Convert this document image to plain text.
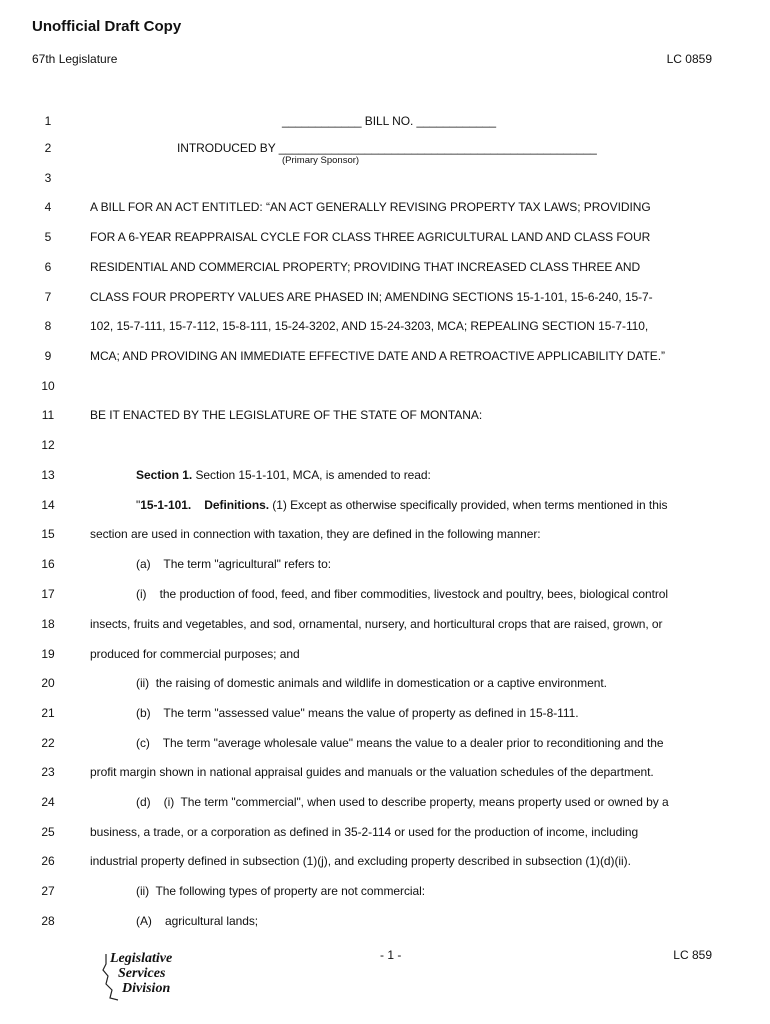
Unofficial Draft Copy
67th Legislature	LC 0859
1
2
3
4
5
6
7
8
9
10
11
12
13
14
15
16
17
18
19
20
21
22
23
24
25
26
27
28
____________ BILL NO. ____________
INTRODUCED BY ________________________________________________
(Primary Sponsor)
A BILL FOR AN ACT ENTITLED: “AN ACT GENERALLY REVISING PROPERTY TAX LAWS; PROVIDING
FOR A 6-YEAR REAPPRAISAL CYCLE FOR CLASS THREE AGRICULTURAL LAND AND CLASS FOUR
RESIDENTIAL AND COMMERCIAL PROPERTY; PROVIDING THAT INCREASED CLASS THREE AND
CLASS FOUR PROPERTY VALUES ARE PHASED IN; AMENDING SECTIONS 15-1-101, 15-6-240, 15-7-
102, 15-7-111, 15-7-112, 15-8-111, 15-24-3202, AND 15-24-3203, MCA; REPEALING SECTION 15-7-110,
MCA; AND PROVIDING AN IMMEDIATE EFFECTIVE DATE AND A RETROACTIVE APPLICABILITY DATE.”
BE IT ENACTED BY THE LEGISLATURE OF THE STATE OF MONTANA:
Section 1. Section 15-1-101, MCA, is amended to read:
"15-1-101.    Definitions. (1) Except as otherwise specifically provided, when terms mentioned in this
section are used in connection with taxation, they are defined in the following manner:
(a)    The term "agricultural" refers to:
(i)    the production of food, feed, and fiber commodities, livestock and poultry, bees, biological control
insects, fruits and vegetables, and sod, ornamental, nursery, and horticultural crops that are raised, grown, or
produced for commercial purposes; and
(ii)  the raising of domestic animals and wildlife in domestication or a captive environment.
(b)    The term "assessed value" means the value of property as defined in 15-8-111.
(c)    The term "average wholesale value" means the value to a dealer prior to reconditioning and the
profit margin shown in national appraisal guides and manuals or the valuation schedules of the department.
(d)    (i)  The term "commercial", when used to describe property, means property used or owned by a
business, a trade, or a corporation as defined in 35-2-114 or used for the production of income, including
industrial property defined in subsection (1)(j), and excluding property described in subsection (1)(d)(ii).
(ii)  The following types of property are not commercial:
(A)    agricultural lands;
Legislative
Services
Division
- 1 -	LC 859
